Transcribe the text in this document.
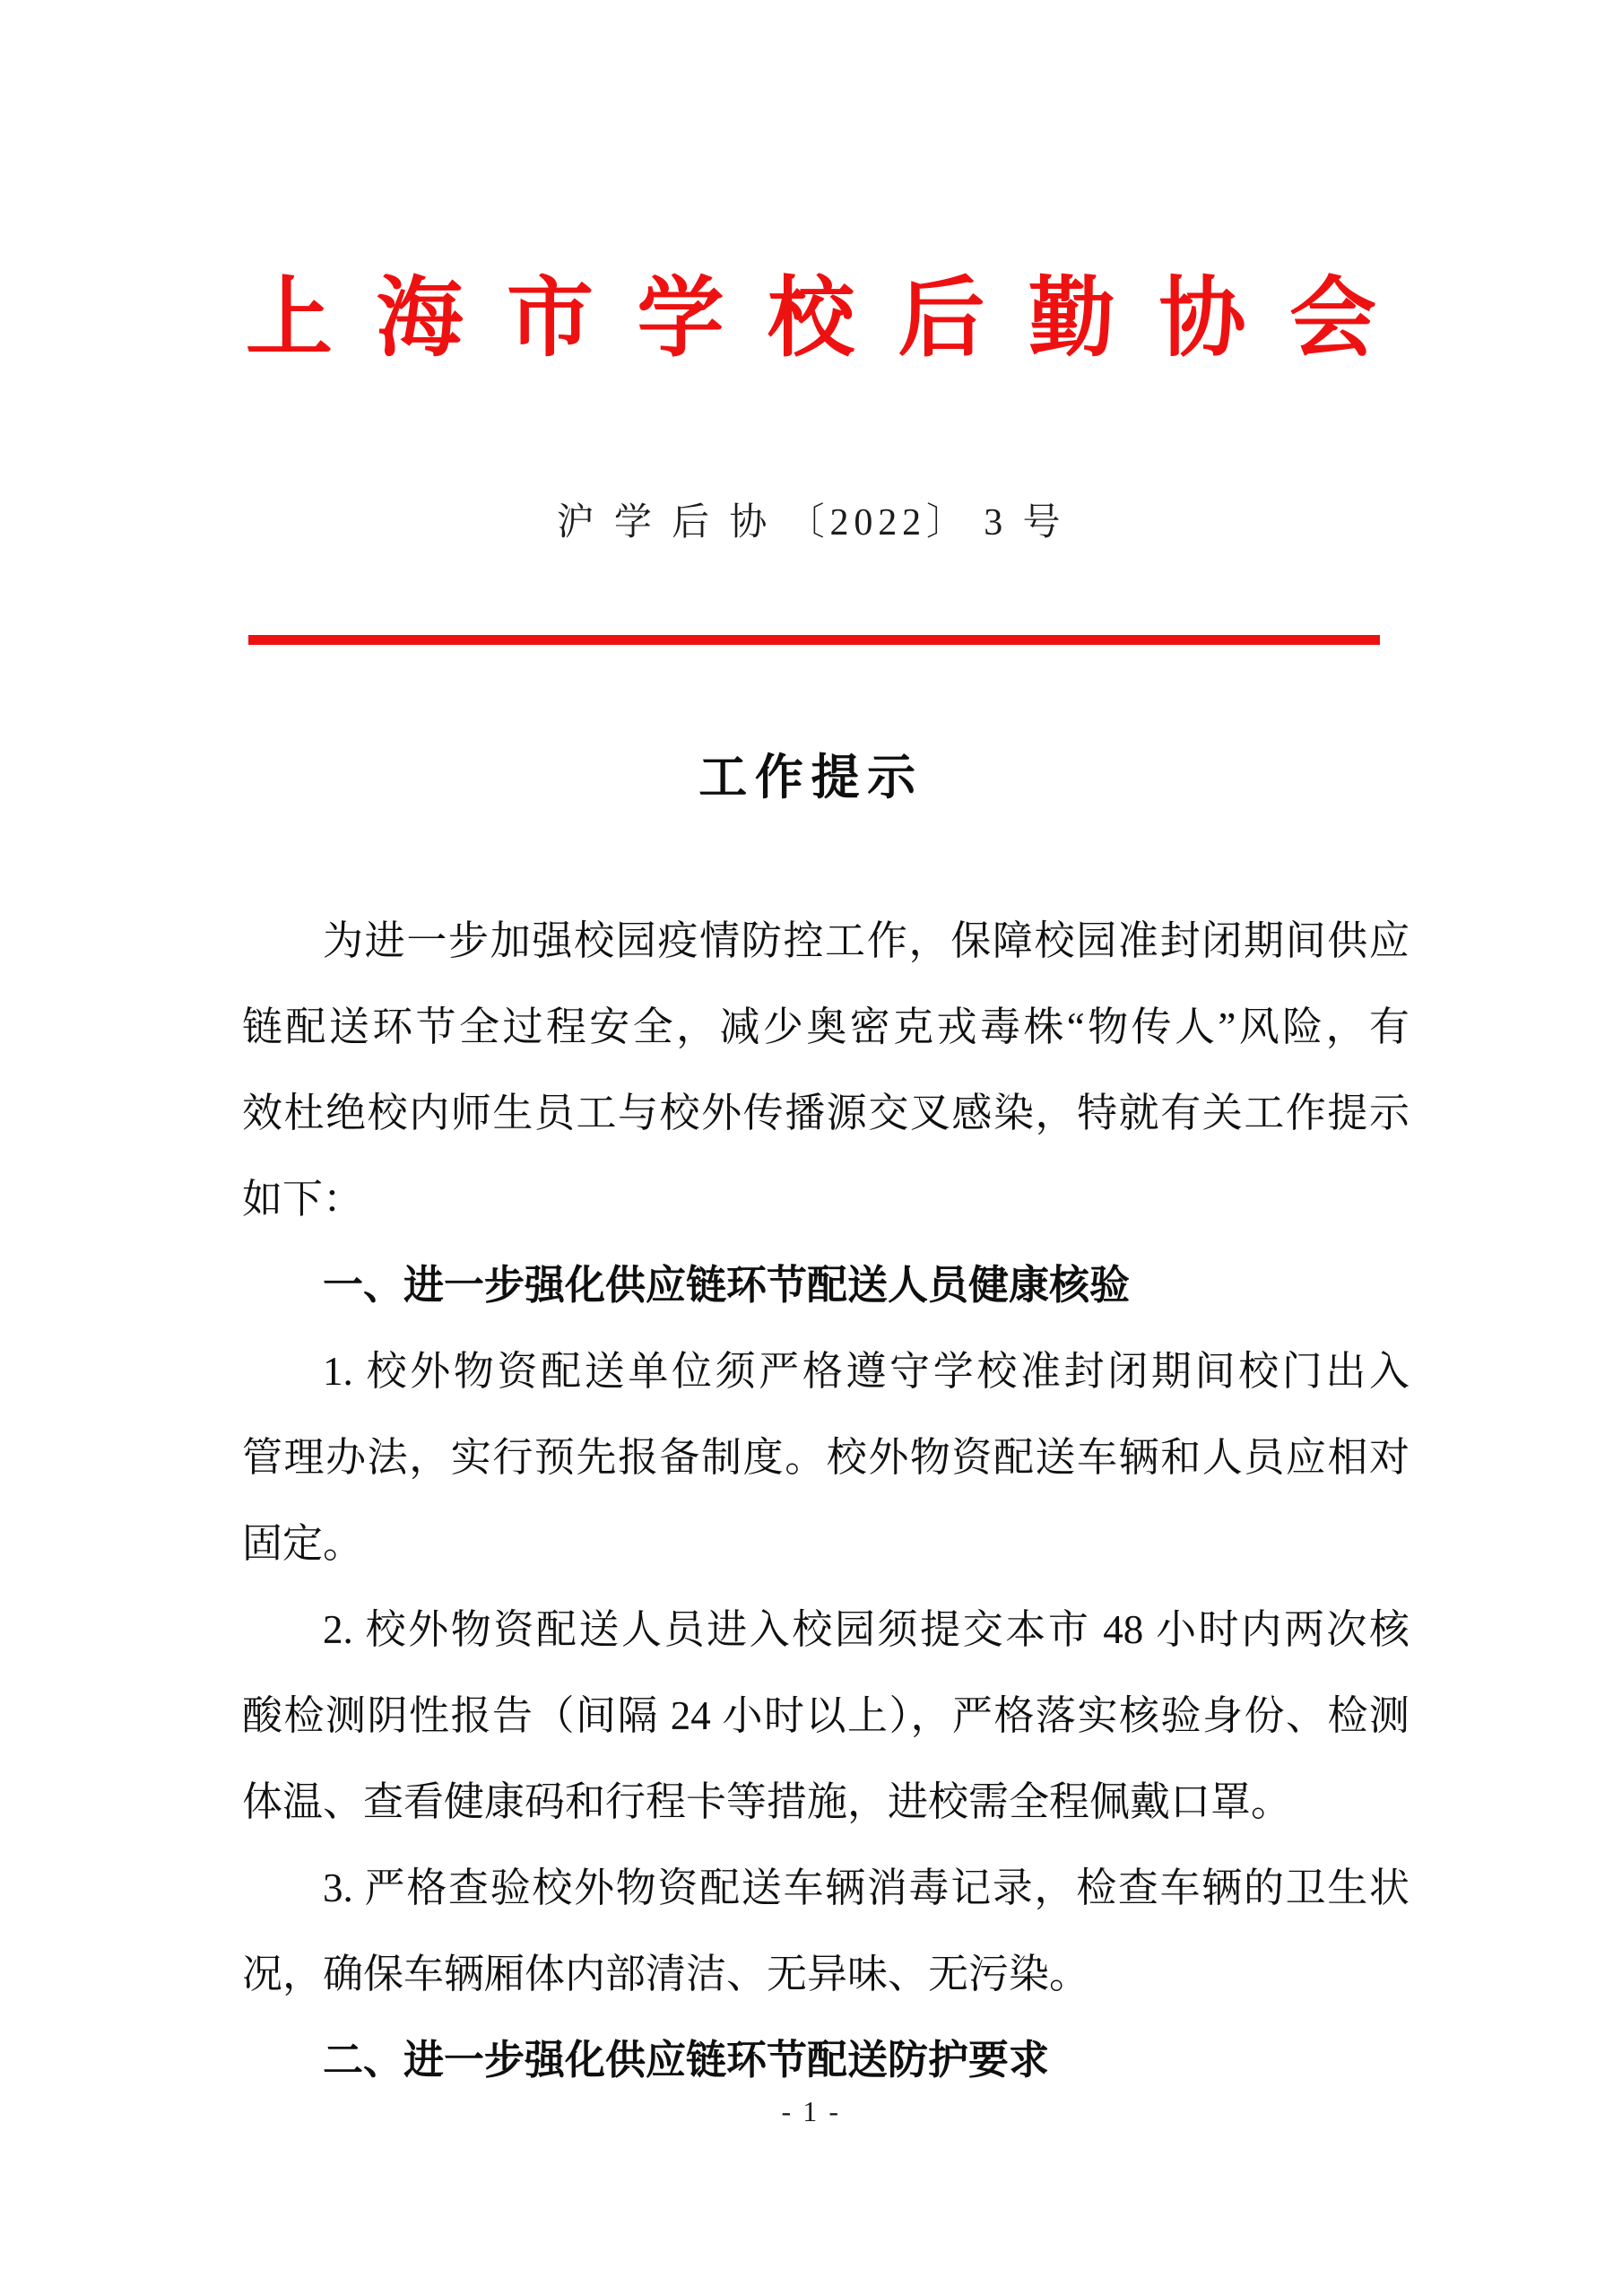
上海市学校后勤协会
沪 学 后 协 〔2022〕 3 号
工作提示
为进一步加强校园疫情防控工作，保障校园准封闭期间供应
链配送环节全过程安全，减少奥密克戎毒株“物传人”风险，有
效杜绝校内师生员工与校外传播源交叉感染，特就有关工作提示
如下：
一、进一步强化供应链环节配送人员健康核验
1. 校外物资配送单位须严格遵守学校准封闭期间校门出入
管理办法，实行预先报备制度。校外物资配送车辆和人员应相对
固定。
2. 校外物资配送人员进入校园须提交本市 48 小时内两次核
酸检测阴性报告（间隔 24 小时以上），严格落实核验身份、检测
体温、查看健康码和行程卡等措施，进校需全程佩戴口罩。
3. 严格查验校外物资配送车辆消毒记录，检查车辆的卫生状
况，确保车辆厢体内部清洁、无异味、无污染。
二、进一步强化供应链环节配送防护要求
- 1 -
